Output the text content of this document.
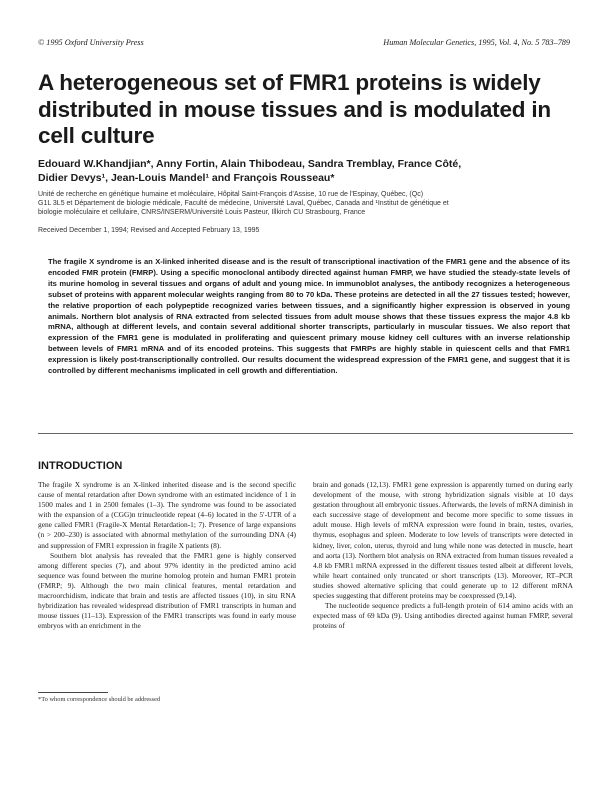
© 1995 Oxford University Press	Human Molecular Genetics, 1995, Vol. 4, No. 5 783–789
A heterogeneous set of FMR1 proteins is widely distributed in mouse tissues and is modulated in cell culture
Edouard W.Khandjian*, Anny Fortin, Alain Thibodeau, Sandra Tremblay, France Côté,
Didier Devys¹, Jean-Louis Mandel¹ and François Rousseau*
Unité de recherche en génétique humaine et moléculaire, Hôpital Saint-François d'Assise, 10 rue de l'Espinay, Québec, (Qc)
G1L 3L5 et Département de biologie médicale, Faculté de médecine, Université Laval, Québec, Canada and ¹Institut de génétique et
biologie moléculaire et cellulaire, CNRS/INSERM/Université Louis Pasteur, Illkirch CU Strasbourg, France
Received December 1, 1994; Revised and Accepted February 13, 1995

The fragile X syndrome is an X-linked inherited disease and is the result of transcriptional inactivation of the FMR1 gene and the absence of its encoded FMR protein (FMRP). Using a specific monoclonal antibody directed against human FMRP, we have studied the steady-state levels of its murine homolog in several tissues and organs of adult and young mice. In immunoblot analyses, the antibody recognizes a heterogeneous subset of proteins with apparent molecular weights ranging from 80 to 70 kDa. These proteins are detected in all the 27 tissues tested; however, the relative proportion of each polypeptide recognized varies between tissues, and a significantly higher expression is observed in young animals. Northern blot analysis of RNA extracted from selected tissues from adult mouse shows that these tissues express the major 4.8 kb mRNA, although at different levels, and contain several additional shorter transcripts, particularly in muscular tissues. We also report that expression of the FMR1 gene is modulated in proliferating and quiescent primary mouse kidney cell cultures with an inverse relationship between levels of FMR1 mRNA and of its encoded proteins. This suggests that FMRPs are highly stable in quiescent cells and that FMR1 expression is likely post-transcriptionally controlled. Our results document the widespread expression of the FMR1 gene, and suggest that it is controlled by different mechanisms implicated in cell growth and differentiation.

INTRODUCTION

The fragile X syndrome is an X-linked inherited disease and is the second specific cause of mental retardation after Down syndrome with an estimated incidence of 1 in 1500 males and 1 in 2500 females (1–3). The syndrome was found to be associated with the expansion of a (CGG)n trinucleotide repeat (4–6) located in the 5′-UTR of a gene called FMR1 (Fragile-X Mental Retardation-1; 7). Presence of large expansions (n > 200–230) is associated with abnormal methylation of the surrounding DNA (4) and suppression of FMR1 expression in fragile X patients (8).

Southern blot analysis has revealed that the FMR1 gene is highly conserved among different species (7), and about 97% identity in the predicted amino acid sequence was found between the murine homolog protein and human FMR1 protein (FMRP; 9). Although the two main clinical features, mental retardation and macroorchidism, indicate that brain and testis are affected tissues (10), in situ RNA hybridization has revealed widespread distribution of FMR1 transcripts in human and mouse tissues (11–13). Expression of the FMR1 transcripts was found in early mouse embryos with an enrichment in the

brain and gonads (12,13). FMR1 gene expression is apparently turned on during early development of the mouse, with strong hybridization signals visible at 10 days gestation throughout all embryonic tissues. Afterwards, the levels of mRNA diminish in each successive stage of development and become more specific to some tissues in adult mouse. High levels of mRNA expression were found in brain, testes, ovaries, thymus, esophagus and spleen. Moderate to low levels of transcripts were detected in kidney, liver, colon, uterus, thyroid and lung while none was detected in muscle, heart and aorta (13). Northern blot analysis on RNA extracted from human tissues revealed a 4.8 kb FMR1 mRNA expressed in the different tissues tested albeit at different levels, while heart contained only truncated or short transcripts (13). Moreover, RT–PCR studies showed alternative splicing that could generate up to 12 different mRNA species suggesting that different proteins may be coexpressed (9,14).

The nucleotide sequence predicts a full-length protein of 614 amino acids with an expected mass of 69 kDa (9). Using antibodies directed against human FMRP, several proteins of

*To whom correspondence should be addressed
